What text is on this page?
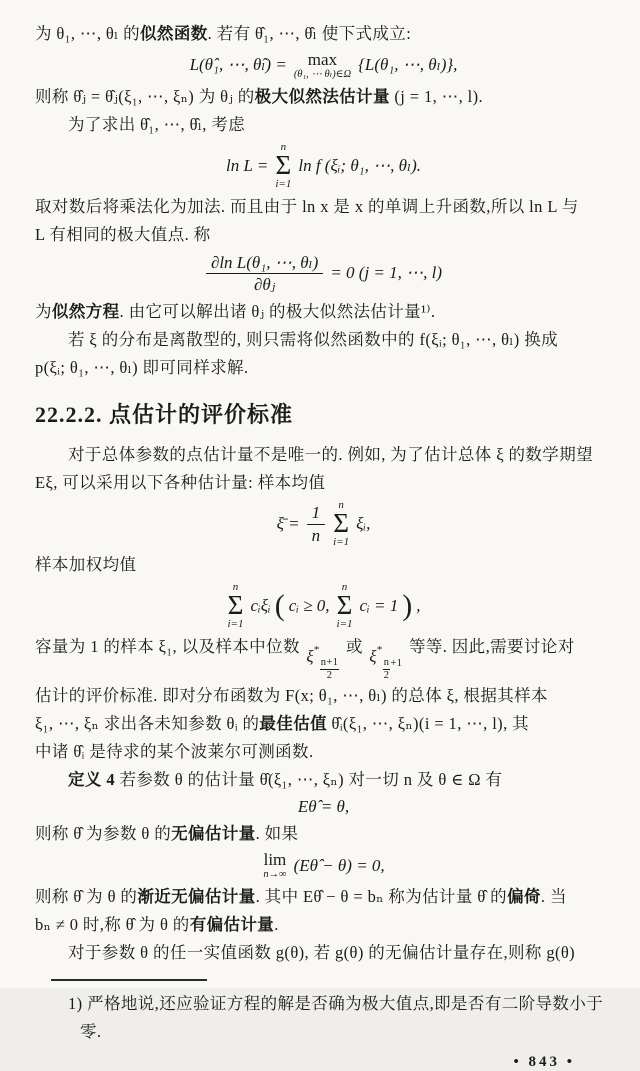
为 θ₁, ⋯, θₗ 的似然函数. 若有 θ̂₁, ⋯, θ̂ₗ 使下式成立:

L(θ̂₁, ⋯, θ̂ₗ) = max
(θ₁, ⋯ θₗ)∈Ω {L(θ₁, ⋯, θₗ)},

则称 θ̂ⱼ = θ̂ⱼ(ξ₁, ⋯, ξₙ) 为 θⱼ 的极大似然法估计量 (j = 1, ⋯, l).

为了求出 θ̂₁, ⋯, θ̂ₗ, 考虑

ln L =
n
Σ
i=1
ln f (ξᵢ; θ₁, ⋯, θₗ).

取对数后将乘法化为加法. 而且由于 ln x 是 x 的单调上升函数,所以 ln L 与

L 有相同的极大值点. 称

$\frac{\text{∂ln L(θ₁, ⋯, θₗ)}}{\text{∂θⱼ}} = 0$ (j = 1, ⋯, l)

为似然方程. 由它可以解出诸 θⱼ 的极大似然法估计量¹⁾.

若 ξ 的分布是离散型的, 则只需将似然函数中的 f(ξᵢ; θ₁, ⋯, θₗ) 换成

p(ξᵢ; θ₁, ⋯, θₗ) 即可同样求解.

22.2.2. 点估计的评价标准

对于总体参数的点估计量不是唯一的. 例如, 为了估计总体 ξ 的数学期望

Eξ, 可以采用以下各种估计量: 样本均值

ξ̄ = $\frac{1}{n}$ n
Σ
i=1
ξᵢ,

样本加权均值

n
Σ
i=1
cᵢξᵢ ( cᵢ ≥ 0,
n
Σ
i=1
cᵢ = 1 ) ,

容量为 1 的样本 ξ₁, 以及样本中位数
ξ *
$\frac{n+1}{2}$
或
ξ *
$\frac{n}{2} +1$
等等. 因此,需要讨论对

估计的评价标准. 即对分布函数为 F(x; θ₁, ⋯, θₗ) 的总体 ξ, 根据其样本

ξ₁, ⋯, ξₙ 求出各未知参数 θᵢ 的最佳估值 θ̂ᵢ(ξ₁, ⋯, ξₙ)(i = 1, ⋯, l), 其

中诸 θ̂ᵢ 是待求的某个波莱尔可测函数.

定义 4 若参数 θ 的估计量 θ̂(ξ₁, ⋯, ξₙ) 对一切 n 及 θ ∈ Ω 有

Eθ̂ = θ,

则称 θ̂ 为参数 θ 的无偏估计量. 如果

lim
n→∞ (Eθ̂ − θ) = 0,

则称 θ̂ 为 θ 的渐近无偏估计量. 其中 Eθ̂ − θ = bₙ 称为估计量 θ̂ 的偏倚. 当

bₙ ≠ 0 时,称 θ̂ 为 θ 的有偏估计量.

对于参数 θ 的任一实值函数 g(θ), 若 g(θ) 的无偏估计量存在,则称 g(θ)

1) 严格地说,还应验证方程的解是否确为极大值点,即是否有二阶导数小于

零.

• 843 •
